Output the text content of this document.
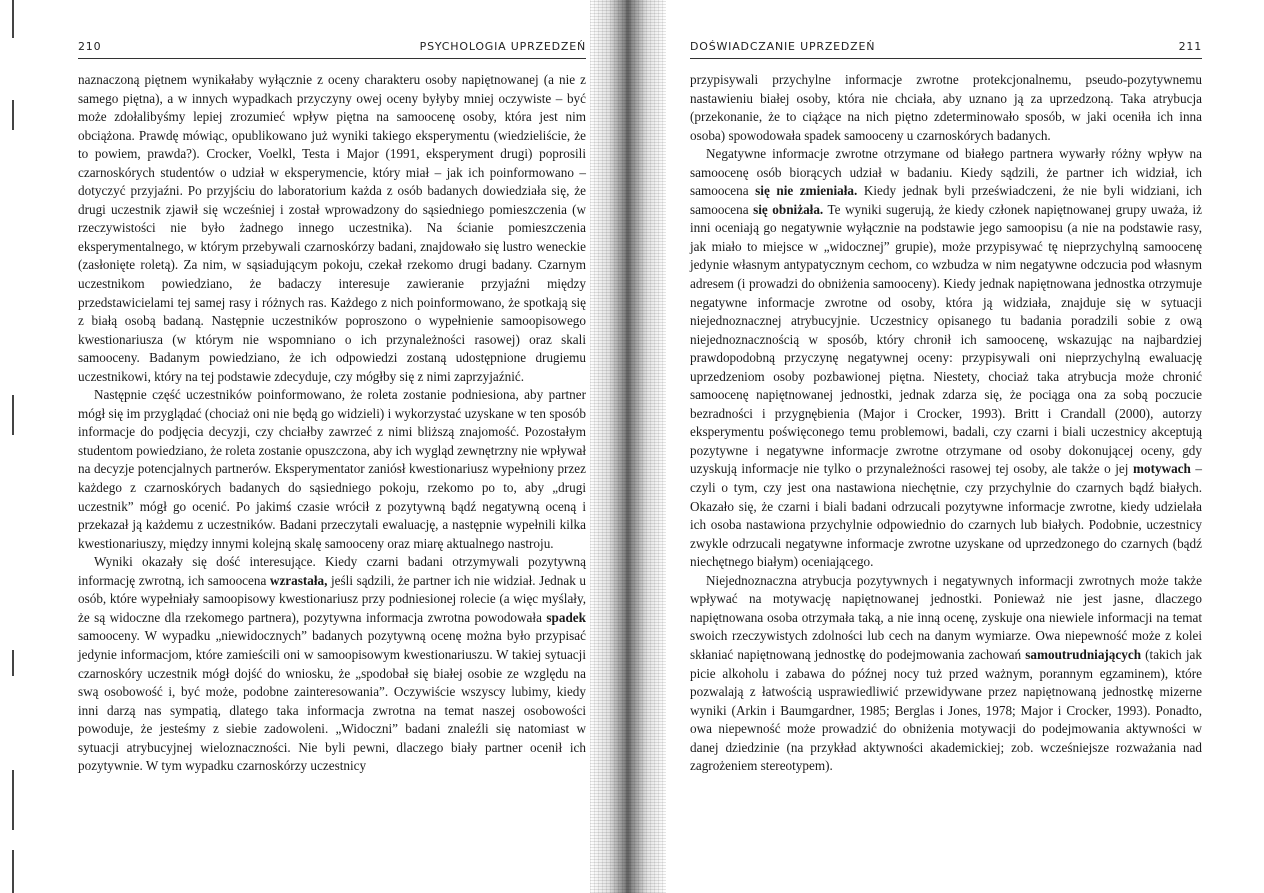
210	PSYCHOLOGIA UPRZEDZEŃ

naznaczoną piętnem wynikałaby wyłącznie z oceny charakteru osoby napiętnowanej (a nie z samego piętna), a w innych wypadkach przyczyny owej oceny byłyby mniej oczywiste – być może zdołalibyśmy lepiej zrozumieć wpływ piętna na samoocenę osoby, która jest nim obciążona. Prawdę mówiąc, opublikowano już wyniki takiego eksperymentu (wiedzieliście, że to powiem, prawda?). Crocker, Voelkl, Testa i Major (1991, eksperyment drugi) poprosili czarnoskórych studentów o udział w eksperymencie, który miał – jak ich poinformowano – dotyczyć przyjaźni. Po przyjściu do laboratorium każda z osób badanych dowiedziała się, że drugi uczestnik zjawił się wcześniej i został wprowadzony do sąsiedniego pomieszczenia (w rzeczywistości nie było żadnego innego uczestnika). Na ścianie pomieszczenia eksperymentalnego, w którym przebywali czarnoskórzy badani, znajdowało się lustro weneckie (zasłonięte roletą). Za nim, w sąsiadującym pokoju, czekał rzekomo drugi badany. Czarnym uczestnikom powiedziano, że badaczy interesuje zawieranie przyjaźni między przedstawicielami tej samej rasy i różnych ras. Każdego z nich poinformowano, że spotkają się z białą osobą badaną. Następnie uczestników poproszono o wypełnienie samoopisowego kwestionariusza (w którym nie wspomniano o ich przynależności rasowej) oraz skali samooceny. Badanym powiedziano, że ich odpowiedzi zostaną udostępnione drugiemu uczestnikowi, który na tej podstawie zdecyduje, czy mógłby się z nimi zaprzyjaźnić.

Następnie część uczestników poinformowano, że roleta zostanie podniesiona, aby partner mógł się im przyglądać (chociaż oni nie będą go widzieli) i wykorzystać uzyskane w ten sposób informacje do podjęcia decyzji, czy chciałby zawrzeć z nimi bliższą znajomość. Pozostałym studentom powiedziano, że roleta zostanie opuszczona, aby ich wygląd zewnętrzny nie wpływał na decyzje potencjalnych partnerów. Eksperymentator zaniósł kwestionariusz wypełniony przez każdego z czarnoskórych badanych do sąsiedniego pokoju, rzekomo po to, aby „drugi uczestnik” mógł go ocenić. Po jakimś czasie wrócił z pozytywną bądź negatywną oceną i przekazał ją każdemu z uczestników. Badani przeczytali ewaluację, a następnie wypełnili kilka kwestionariuszy, między innymi kolejną skalę samooceny oraz miarę aktualnego nastroju.

Wyniki okazały się dość interesujące. Kiedy czarni badani otrzymywali pozytywną informację zwrotną, ich samoocena wzrastała, jeśli sądzili, że partner ich nie widział. Jednak u osób, które wypełniały samoopisowy kwestionariusz przy podniesionej rolecie (a więc myślały, że są widoczne dla rzekomego partnera), pozytywna informacja zwrotna powodowała spadek samooceny. W wypadku „niewidocznych” badanych pozytywną ocenę można było przypisać jedynie informacjom, które zamieścili oni w samoopisowym kwestionariuszu. W takiej sytuacji czarnoskóry uczestnik mógł dojść do wniosku, że „spodobał się białej osobie ze względu na swą osobowość i, być może, podobne zainteresowania”. Oczywiście wszyscy lubimy, kiedy inni darzą nas sympatią, dlatego taka informacja zwrotna na temat naszej osobowości powoduje, że jesteśmy z siebie zadowoleni. „Widoczni” badani znaleźli się natomiast w sytuacji atrybucyjnej wieloznaczności. Nie byli pewni, dlaczego biały partner ocenił ich pozytywnie. W tym wypadku czarnoskórzy uczestnicy

DOŚWIADCZANIE UPRZEDZEŃ	211

przypisywali przychylne informacje zwrotne protekcjonalnemu, pseudo-pozytywnemu nastawieniu białej osoby, która nie chciała, aby uznano ją za uprzedzoną. Taka atrybucja (przekonanie, że to ciążące na nich piętno zdeterminowało sposób, w jaki oceniła ich inna osoba) spowodowała spadek samooceny u czarnoskórych badanych.

Negatywne informacje zwrotne otrzymane od białego partnera wywarły różny wpływ na samoocenę osób biorących udział w badaniu. Kiedy sądzili, że partner ich widział, ich samoocena się nie zmieniała. Kiedy jednak byli przeświadczeni, że nie byli widziani, ich samoocena się obniżała. Te wyniki sugerują, że kiedy członek napiętnowanej grupy uważa, iż inni oceniają go negatywnie wyłącznie na podstawie jego samoopisu (a nie na podstawie rasy, jak miało to miejsce w „widocznej” grupie), może przypisywać tę nieprzychylną samoocenę jedynie własnym antypatycznym cechom, co wzbudza w nim negatywne odczucia pod własnym adresem (i prowadzi do obniżenia samooceny). Kiedy jednak napiętnowana jednostka otrzymuje negatywne informacje zwrotne od osoby, która ją widziała, znajduje się w sytuacji niejednoznacznej atrybucyjnie. Uczestnicy opisanego tu badania poradzili sobie z ową niejednoznacznością w sposób, który chronił ich samoocenę, wskazując na najbardziej prawdopodobną przyczynę negatywnej oceny: przypisywali oni nieprzychylną ewaluację uprzedzeniom osoby pozbawionej piętna. Niestety, chociaż taka atrybucja może chronić samoocenę napiętnowanej jednostki, jednak zdarza się, że pociąga ona za sobą poczucie bezradności i przygnębienia (Major i Crocker, 1993). Britt i Crandall (2000), autorzy eksperymentu poświęconego temu problemowi, badali, czy czarni i biali uczestnicy akceptują pozytywne i negatywne informacje zwrotne otrzymane od osoby dokonującej oceny, gdy uzyskują informacje nie tylko o przynależności rasowej tej osoby, ale także o jej motywach – czyli o tym, czy jest ona nastawiona niechętnie, czy przychylnie do czarnych bądź białych. Okazało się, że czarni i biali badani odrzucali pozytywne informacje zwrotne, kiedy udzielała ich osoba nastawiona przychylnie odpowiednio do czarnych lub białych. Podobnie, uczestnicy zwykle odrzucali negatywne informacje zwrotne uzyskane od uprzedzonego do czarnych (bądź niechętnego białym) oceniającego.

Niejednoznaczna atrybucja pozytywnych i negatywnych informacji zwrotnych może także wpływać na motywację napiętnowanej jednostki. Ponieważ nie jest jasne, dlaczego napiętnowana osoba otrzymała taką, a nie inną ocenę, zyskuje ona niewiele informacji na temat swoich rzeczywistych zdolności lub cech na danym wymiarze. Owa niepewność może z kolei skłaniać napiętnowaną jednostkę do podejmowania zachowań samoutrudniających (takich jak picie alkoholu i zabawa do późnej nocy tuż przed ważnym, porannym egzaminem), które pozwalają z łatwością usprawiedliwić przewidywane przez napiętnowaną jednostkę mizerne wyniki (Arkin i Baumgardner, 1985; Berglas i Jones, 1978; Major i Crocker, 1993). Ponadto, owa niepewność może prowadzić do obniżenia motywacji do podejmowania aktywności w danej dziedzinie (na przykład aktywności akademickiej; zob. wcześniejsze rozważania nad zagrożeniem stereotypem).
